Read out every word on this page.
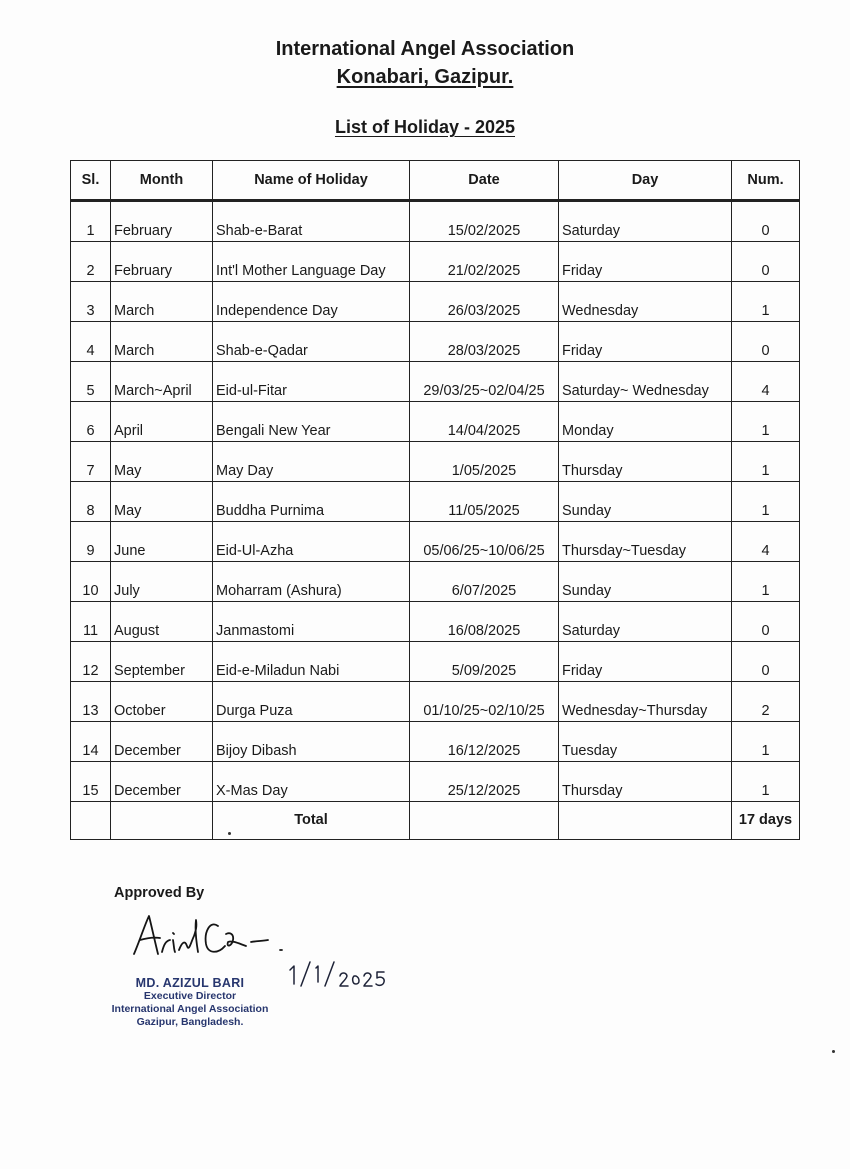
International Angel Association
Konabari, Gazipur.
List of Holiday - 2025
Sl.	Month	Name of Holiday	Date	Day	Num.
1	February	Shab-e-Barat	15/02/2025	Saturday	0
2	February	Int'l Mother Language Day	21/02/2025	Friday	0
3	March	Independence Day	26/03/2025	Wednesday	1
4	March	Shab-e-Qadar	28/03/2025	Friday	0
5	March~April	Eid-ul-Fitar	29/03/25~02/04/25	Saturday~ Wednesday	4
6	April	Bengali New Year	14/04/2025	Monday	1
7	May	May Day	1/05/2025	Thursday	1
8	May	Buddha Purnima	11/05/2025	Sunday	1
9	June	Eid-Ul-Azha	05/06/25~10/06/25	Thursday~Tuesday	4
10	July	Moharram (Ashura)	6/07/2025	Sunday	1
11	August	Janmastomi	16/08/2025	Saturday	0
12	September	Eid-e-Miladun Nabi	5/09/2025	Friday	0
13	October	Durga Puza	01/10/25~02/10/25	Wednesday~Thursday	2
14	December	Bijoy Dibash	16/12/2025	Tuesday	1
15	December	X-Mas Day	25/12/2025	Thursday	1
		Total			17 days
Approved By
MD. AZIZUL BARI
Executive Director
International Angel Association
Gazipur, Bangladesh.
